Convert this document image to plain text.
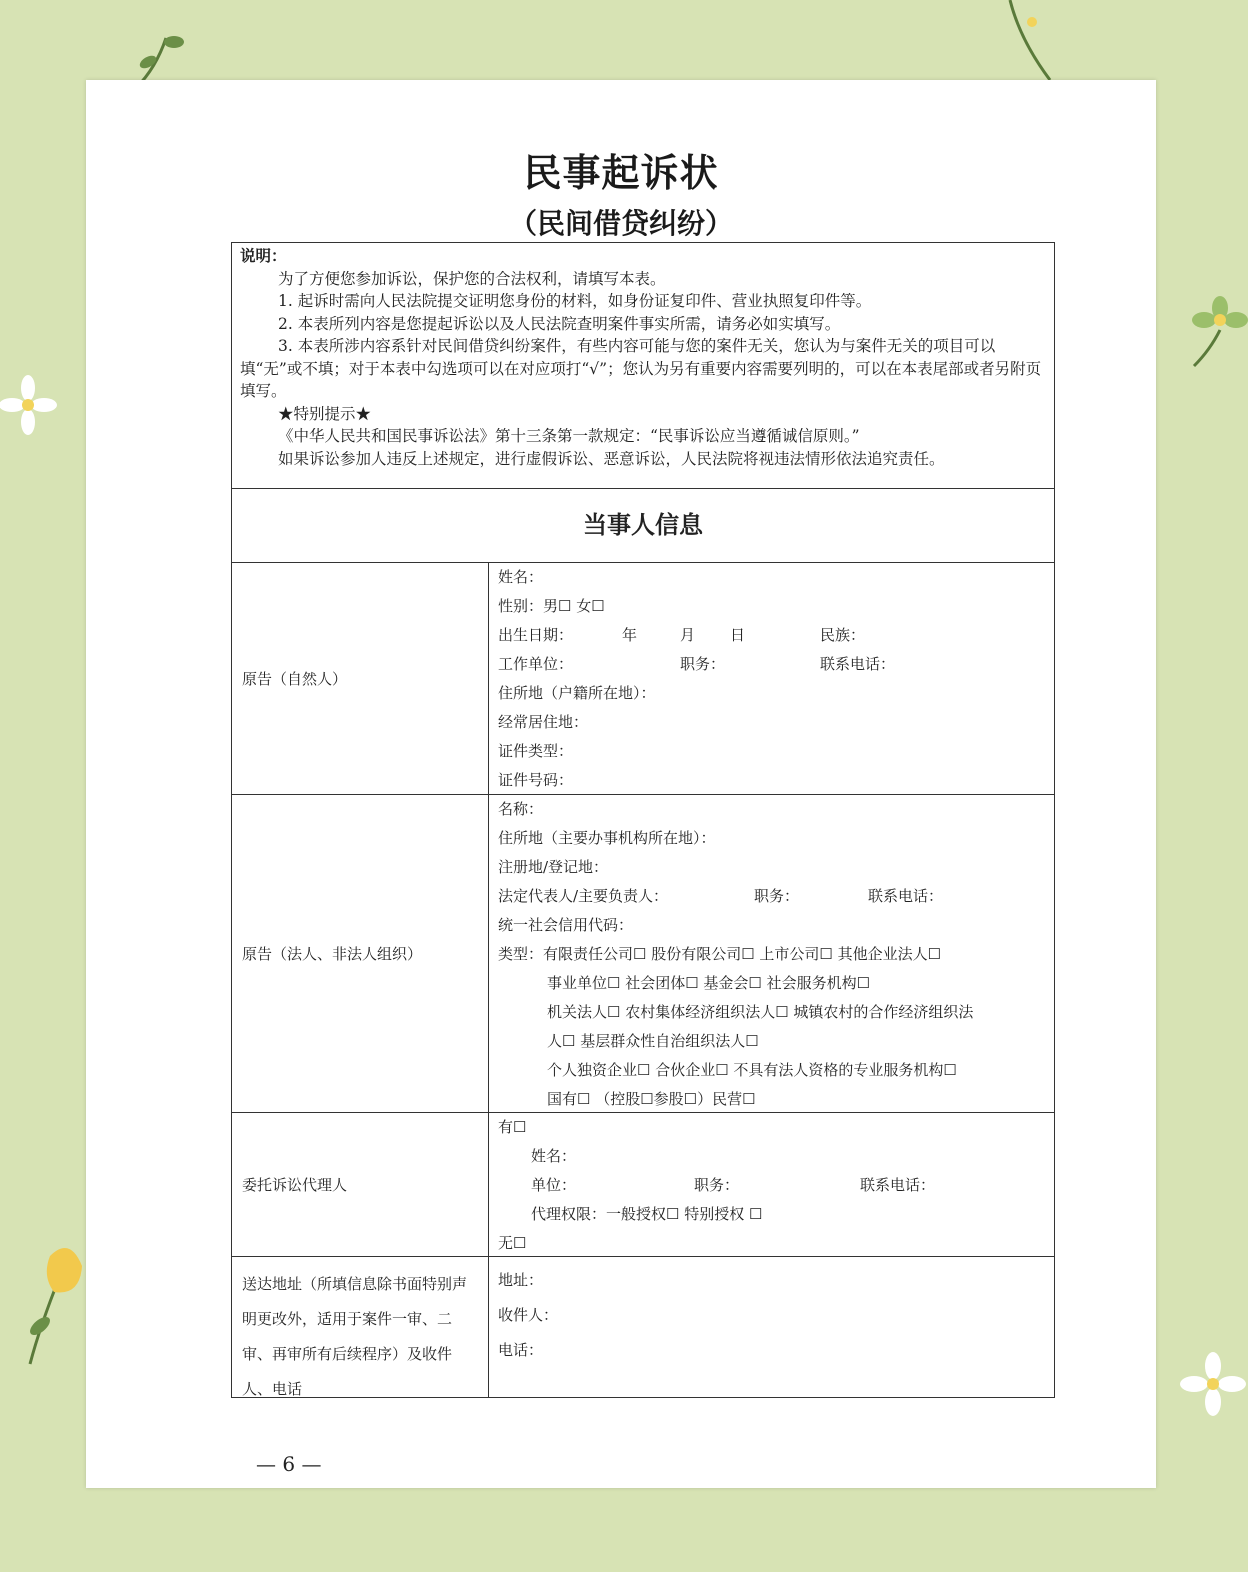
民事起诉状
（民间借贷纠纷）

说明：

为了方便您参加诉讼，保护您的合法权利，请填写本表。

1. 起诉时需向人民法院提交证明您身份的材料，如身份证复印件、营业执照复印件等。

2. 本表所列内容是您提起诉讼以及人民法院查明案件事实所需，请务必如实填写。

3. 本表所涉内容系针对民间借贷纠纷案件，有些内容可能与您的案件无关，您认为与案件无关的项目可以填“无”或不填；对于本表中勾选项可以在对应项打“√”；您认为另有重要内容需要列明的，可以在本表尾部或者另附页填写。

★特别提示★

《中华人民共和国民事诉讼法》第十三条第一款规定：“民事诉讼应当遵循诚信原则。”

如果诉讼参加人违反上述规定，进行虚假诉讼、恶意诉讼，人民法院将视违法情形依法追究责任。

当事人信息
原告（自然人）
姓名：
性别：男☐ 女☐
出生日期：	年	月 日	民族：
工作单位：	职务：	联系电话：
住所地（户籍所在地）：
经常居住地：
证件类型：
证件号码：
原告（法人、非法人组织）
名称：
住所地（主要办事机构所在地）：
注册地/登记地：
法定代表人/主要负责人：	职务：	联系电话：
统一社会信用代码：
类型：有限责任公司☐ 股份有限公司☐ 上市公司☐ 其他企业法人☐
事业单位☐ 社会团体☐ 基金会☐ 社会服务机构☐
机关法人☐ 农村集体经济组织法人☐ 城镇农村的合作经济组织法
人☐ 基层群众性自治组织法人☐
个人独资企业☐ 合伙企业☐ 不具有法人资格的专业服务机构☐
国有☐ （控股☐参股☐）民营☐
委托诉讼代理人
有☐
姓名：
单位：	职务：	联系电话：
代理权限：一般授权☐ 特别授权 ☐
无☐
送达地址（所填信息除书面特别声明更改外，适用于案件一审、二审、再审所有后续程序）及收件人、电话
地址：
收件人：
电话：
— 6 —
